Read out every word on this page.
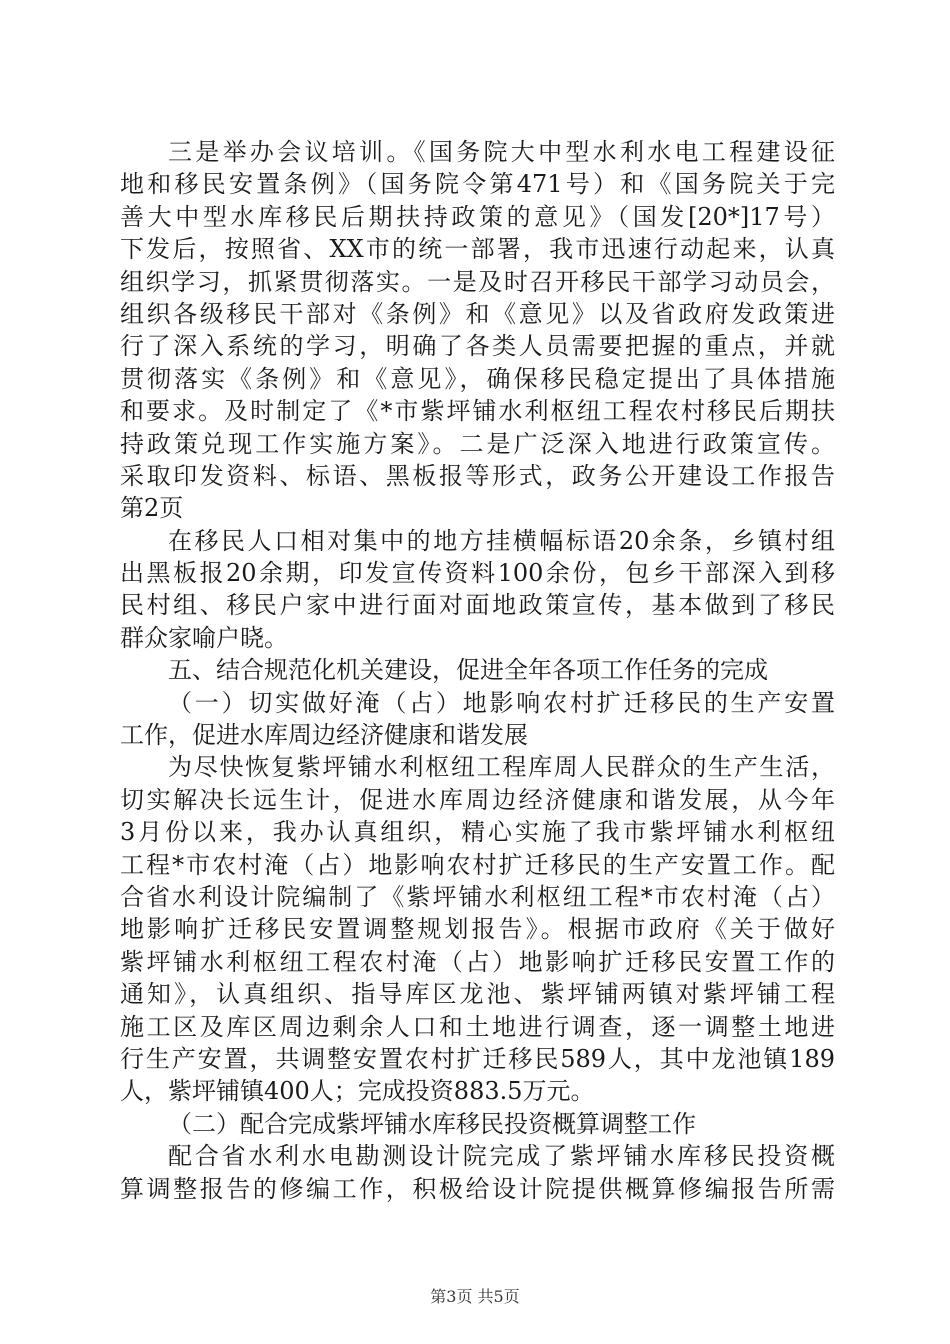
三是举办会议培训。《国务院大中型水利水电工程建设征
地和移民安置条例》（国务院令第471号）和《国务院关于完
善大中型水库移民后期扶持政策的意见》（国发[20*]17号）
下发后，按照省、XX市的统一部署，我市迅速行动起来，认真
组织学习，抓紧贯彻落实。一是及时召开移民干部学习动员会，
组织各级移民干部对《条例》和《意见》以及省政府发政策进
行了深入系统的学习，明确了各类人员需要把握的重点，并就
贯彻落实《条例》和《意见》，确保移民稳定提出了具体措施
和要求。及时制定了《*市紫坪铺水利枢纽工程农村移民后期扶
持政策兑现工作实施方案》。二是广泛深入地进行政策宣传。
采取印发资料、标语、黑板报等形式，政务公开建设工作报告
第2页
在移民人口相对集中的地方挂横幅标语20余条，乡镇村组
出黑板报20余期，印发宣传资料100余份，包乡干部深入到移
民村组、移民户家中进行面对面地政策宣传，基本做到了移民
群众家喻户晓。
五、结合规范化机关建设，促进全年各项工作任务的完成
（一）切实做好淹（占）地影响农村扩迁移民的生产安置
工作，促进水库周边经济健康和谐发展
为尽快恢复紫坪铺水利枢纽工程库周人民群众的生产生活，
切实解决长远生计，促进水库周边经济健康和谐发展，从今年
3月份以来，我办认真组织，精心实施了我市紫坪铺水利枢纽
工程*市农村淹（占）地影响农村扩迁移民的生产安置工作。配
合省水利设计院编制了《紫坪铺水利枢纽工程*市农村淹（占）
地影响扩迁移民安置调整规划报告》。根据市政府《关于做好
紫坪铺水利枢纽工程农村淹（占）地影响扩迁移民安置工作的
通知》，认真组织、指导库区龙池、紫坪铺两镇对紫坪铺工程
施工区及库区周边剩余人口和土地进行调查，逐一调整土地进
行生产安置，共调整安置农村扩迁移民589人，其中龙池镇189
人，紫坪铺镇400人；完成投资883.5万元。
（二）配合完成紫坪铺水库移民投资概算调整工作
配合省水利水电勘测设计院完成了紫坪铺水库移民投资概
算调整报告的修编工作，积极给设计院提供概算修编报告所需
第3页 共5页
